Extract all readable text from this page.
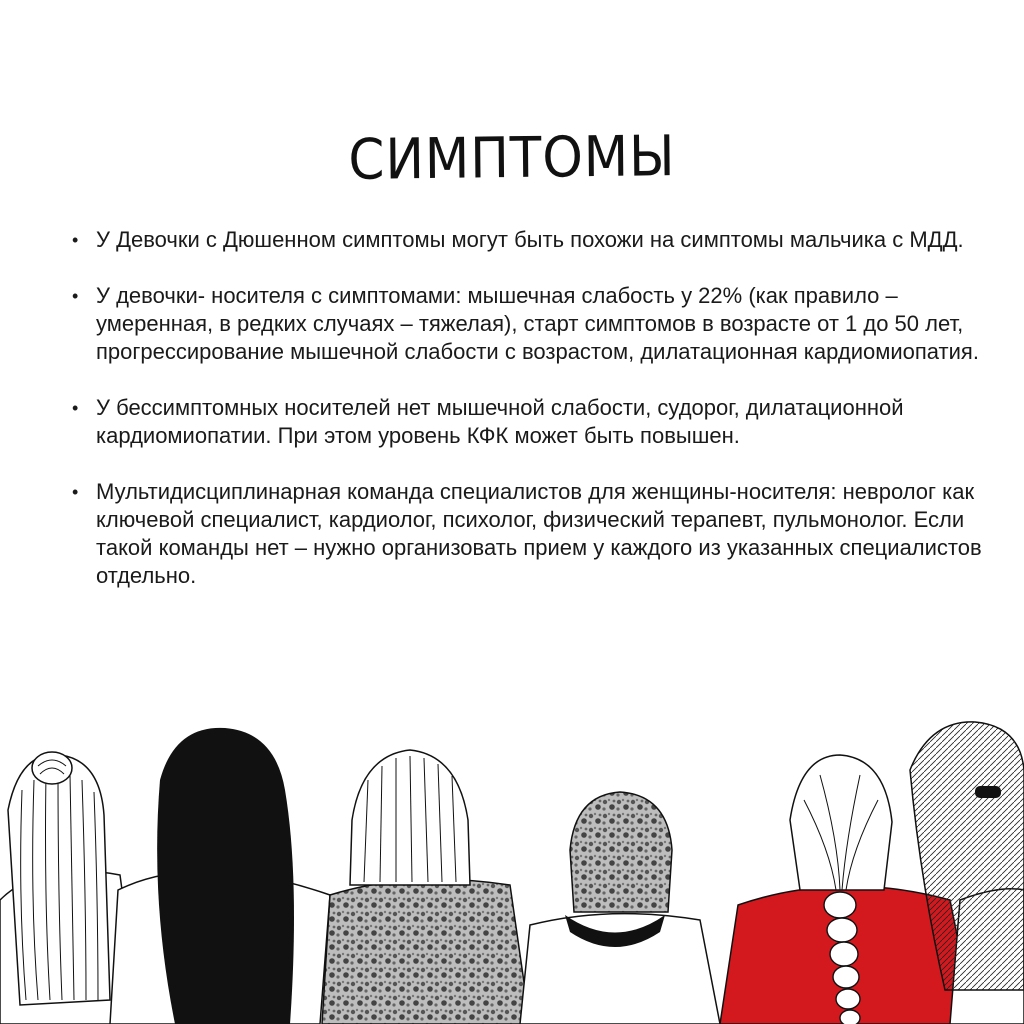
СИМПТОМЫ
• У Девочки с Дюшенном симптомы могут быть похожи на симптомы мальчика с МДД.
• У девочки- носителя с симптомами: мышечная слабость у 22% (как правило – умеренная, в редких случаях – тяжелая), старт симптомов в возрасте от 1 до 50 лет, прогрессирование мышечной слабости с возрастом, дилатационная кардиомиопатия.
• У бессимптомных носителей нет мышечной слабости, судорог, дилатационной кардиомиопатии. При этом уровень КФК может быть повышен.
• Мультидисциплинарная команда специалистов для женщины-носителя: невролог как ключевой специалист, кардиолог, психолог, физический терапевт, пульмонолог. Если такой команды нет – нужно организовать прием у каждого из указанных специалистов отдельно.
